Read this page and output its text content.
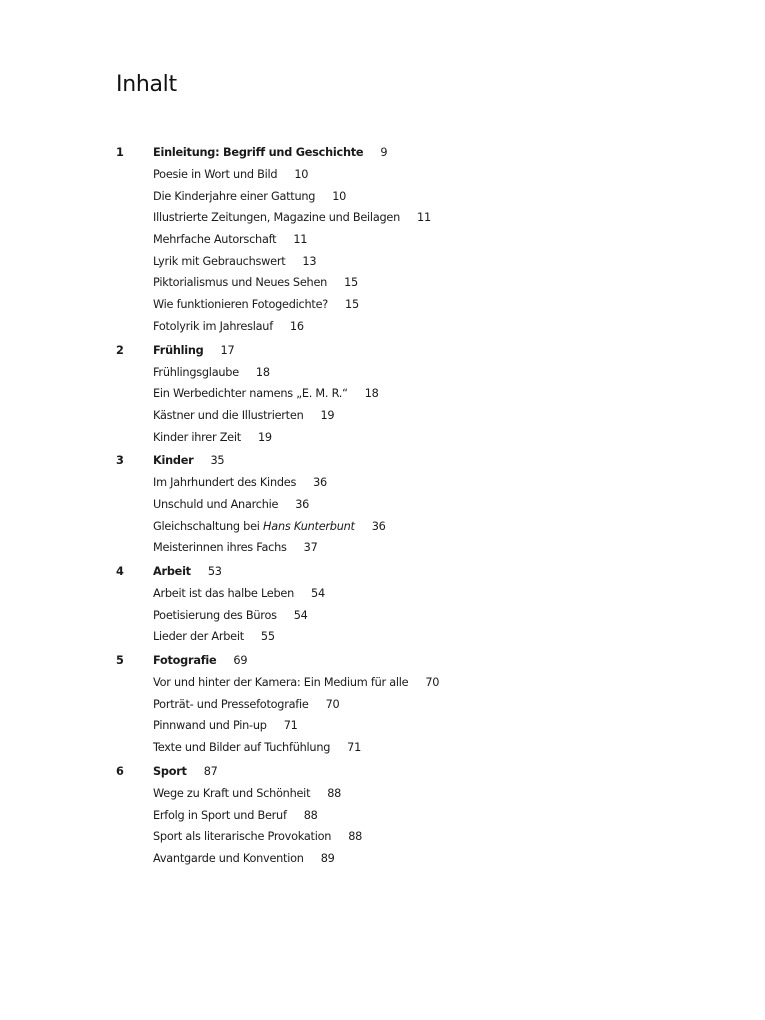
Inhalt
1	Einleitung: Begriff und Geschichte 9
Poesie in Wort und Bild 10
Die Kinderjahre einer Gattung 10
Illustrierte Zeitungen, Magazine und Beilagen 11
Mehrfache Autorschaft 11
Lyrik mit Gebrauchswert 13
Piktorialismus und Neues Sehen 15
Wie funktionieren Fotogedichte? 15
Fotolyrik im Jahreslauf 16
2	Frühling 17
Frühlingsglaube 18
Ein Werbedichter namens „E. M. R.“ 18
Kästner und die Illustrierten 19
Kinder ihrer Zeit 19
3	Kinder 35
Im Jahrhundert des Kindes 36
Unschuld und Anarchie 36
Gleichschaltung bei Hans Kunterbunt 36
Meisterinnen ihres Fachs 37
4	Arbeit 53
Arbeit ist das halbe Leben 54
Poetisierung des Büros 54
Lieder der Arbeit 55
5	Fotografie 69
Vor und hinter der Kamera: Ein Medium für alle 70
Porträt- und Pressefotografie 70
Pinnwand und Pin-up 71
Texte und Bilder auf Tuchfühlung 71
6	Sport 87
Wege zu Kraft und Schönheit 88
Erfolg in Sport und Beruf 88
Sport als literarische Provokation 88
Avantgarde und Konvention 89
